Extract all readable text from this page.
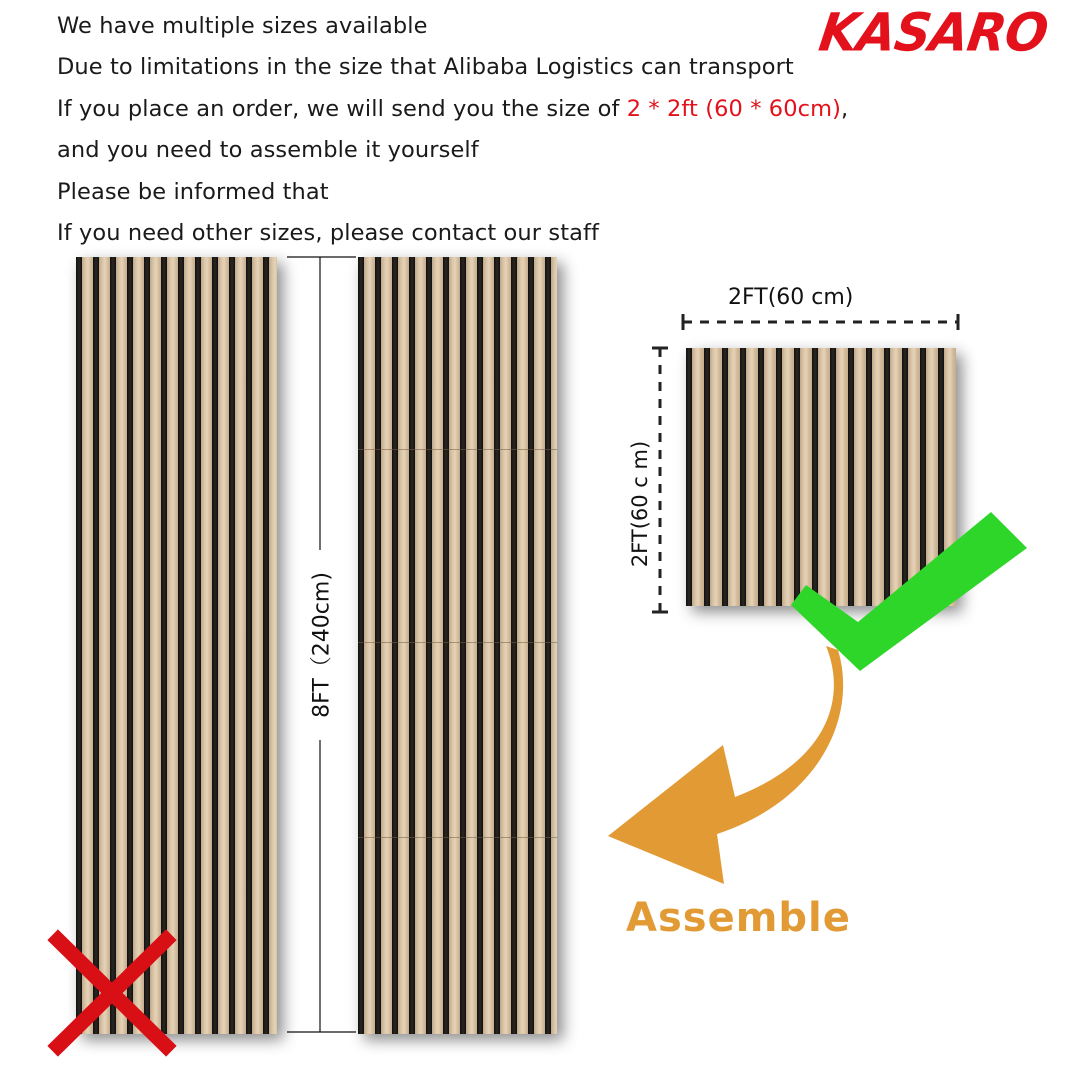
We have multiple sizes available
Due to limitations in the size that Alibaba Logistics can transport
If you place an order, we will send you the size of 2 * 2ft (60 * 60cm),
and you need to assemble it yourself
Please be informed that
If you need other sizes, please contact our staff
KASARO
8FT（240cm)
2FT(60 cm)
2FT(60 c m)
Assemble
